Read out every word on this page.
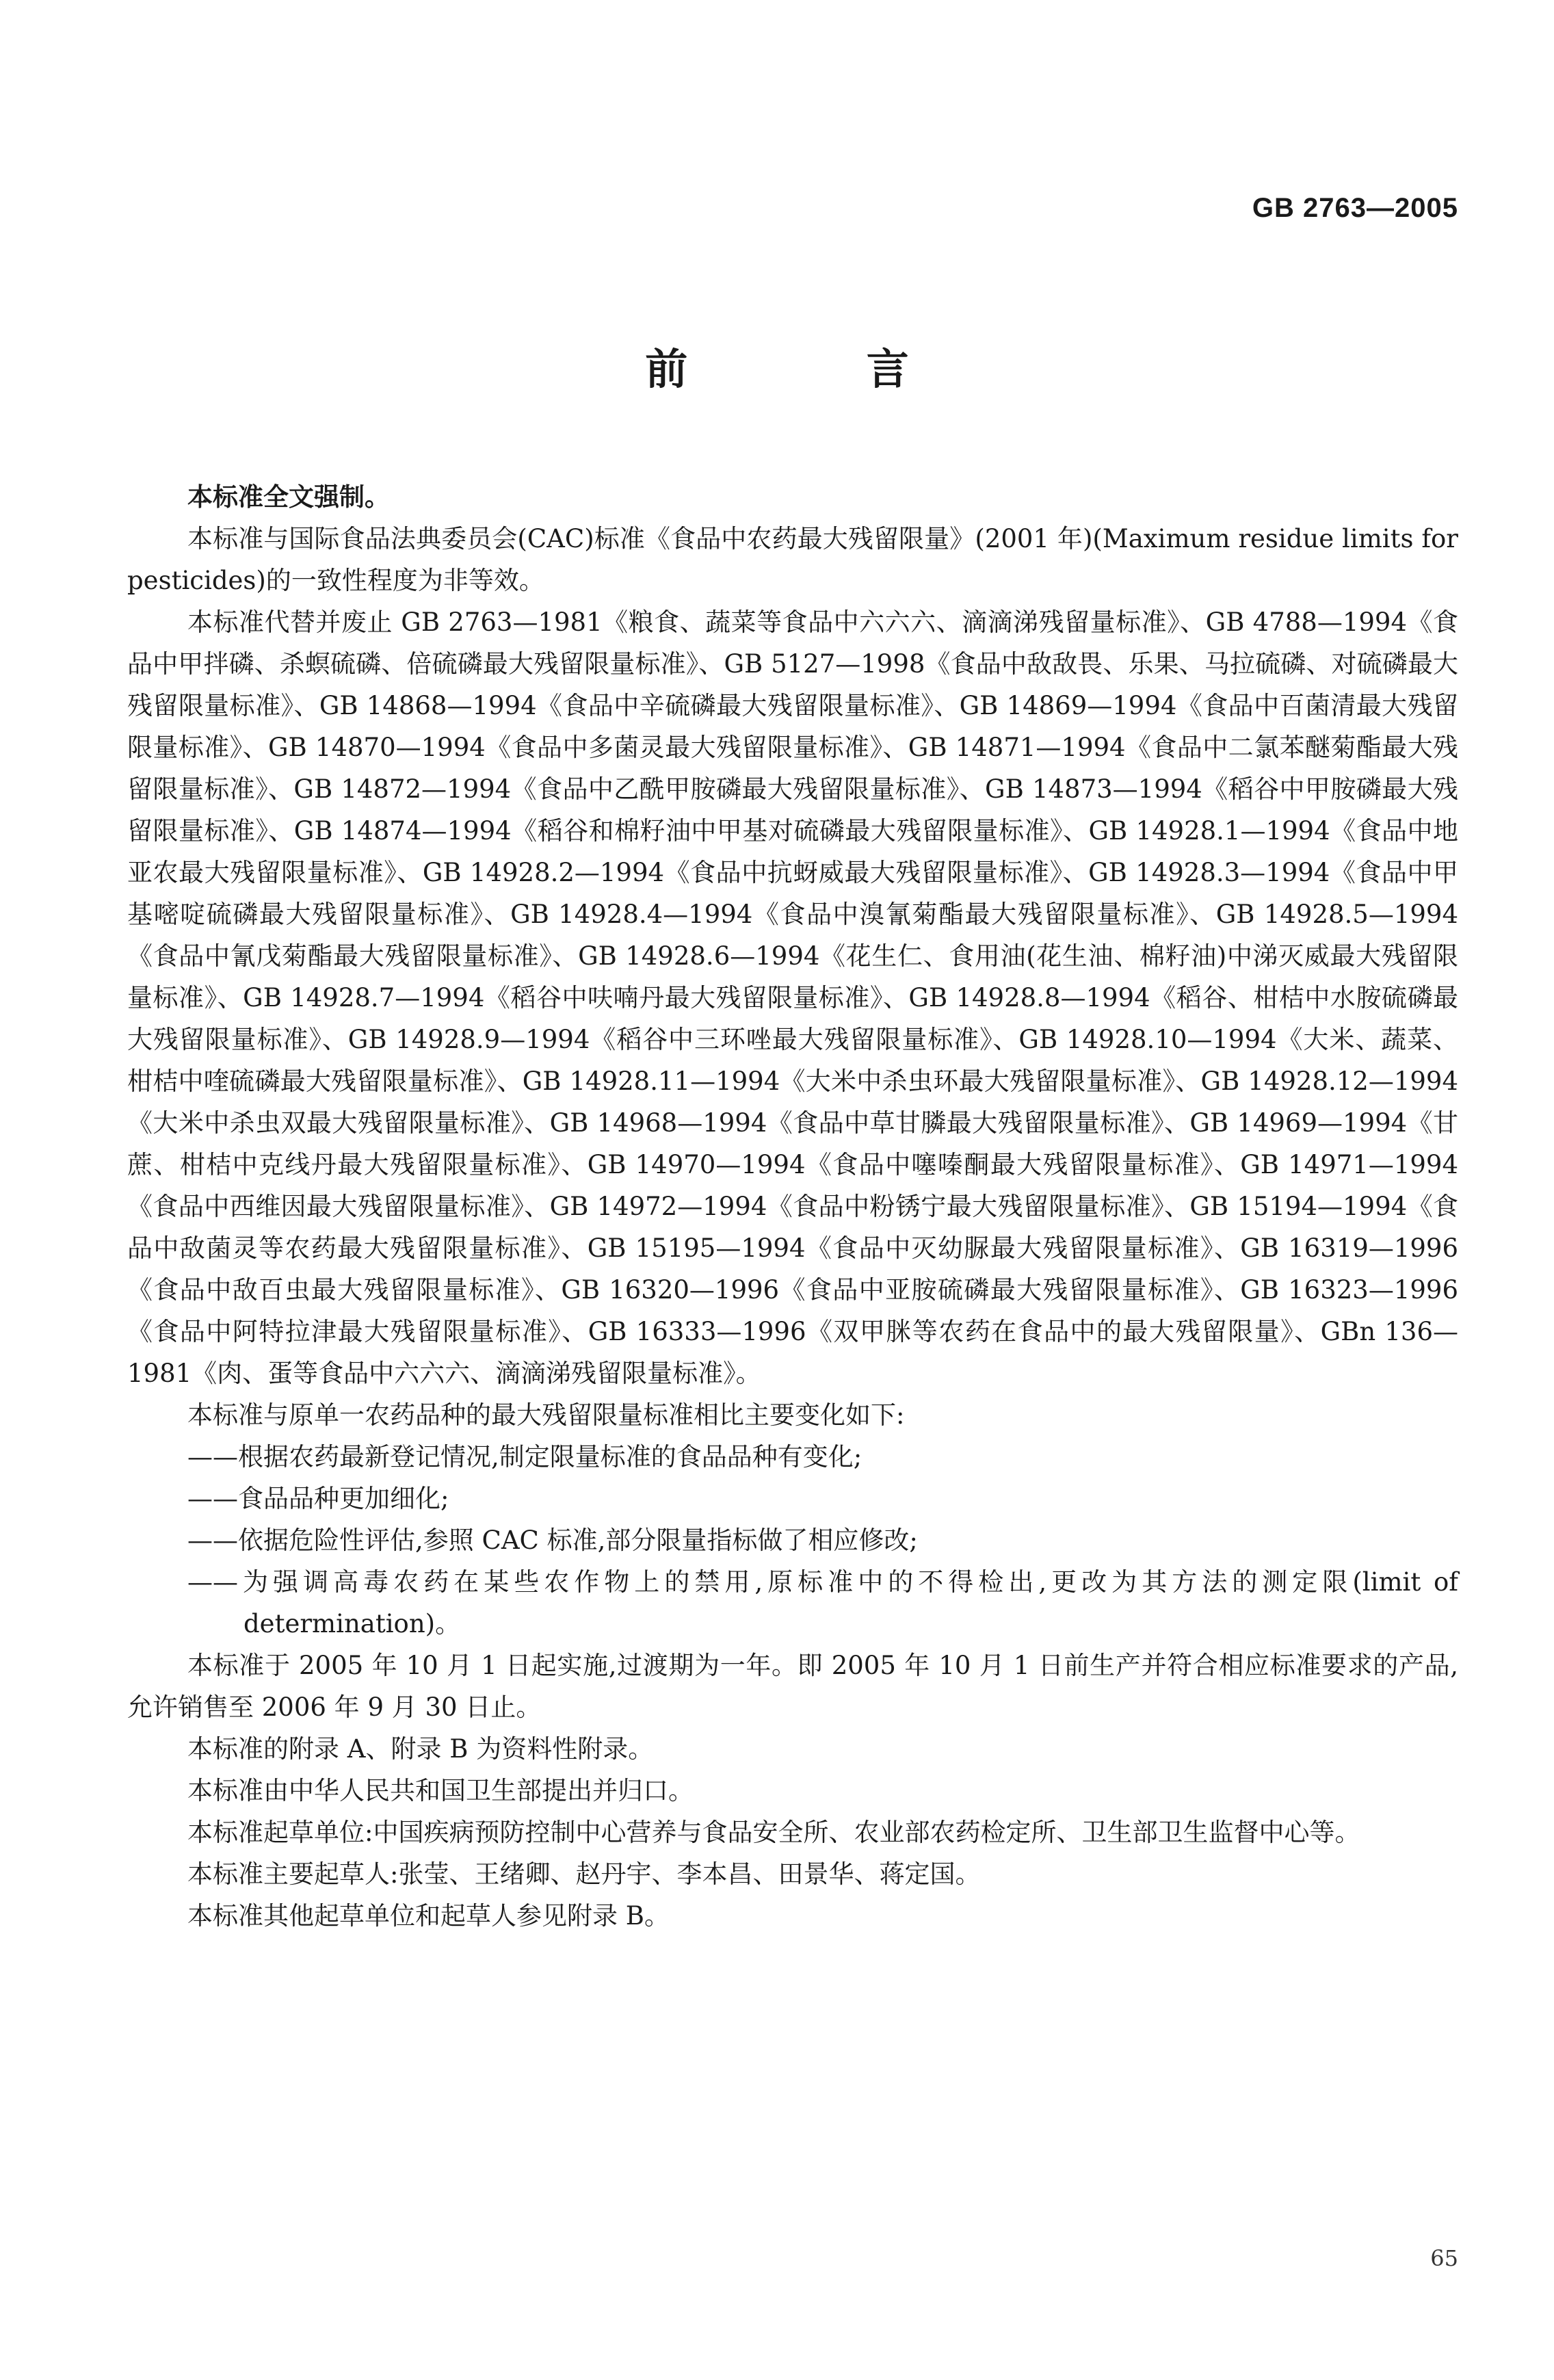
GB 2763—2005
前 言

本标准全文强制。

本标准与国际食品法典委员会(CAC)标准《食品中农药最大残留限量》(2001 年)(Maximum residue limits for pesticides)的一致性程度为非等效。

本标准代替并废止 GB 2763—1981《粮食、蔬菜等食品中六六六、滴滴涕残留量标准》、GB 4788—1994《食品中甲拌磷、杀螟硫磷、倍硫磷最大残留限量标准》、GB 5127—1998《食品中敌敌畏、乐果、马拉硫磷、对硫磷最大残留限量标准》、GB 14868—1994《食品中辛硫磷最大残留限量标准》、GB 14869—1994《食品中百菌清最大残留限量标准》、GB 14870—1994《食品中多菌灵最大残留限量标准》、GB 14871—1994《食品中二氯苯醚菊酯最大残留限量标准》、GB 14872—1994《食品中乙酰甲胺磷最大残留限量标准》、GB 14873—1994《稻谷中甲胺磷最大残留限量标准》、GB 14874—1994《稻谷和棉籽油中甲基对硫磷最大残留限量标准》、GB 14928.1—1994《食品中地亚农最大残留限量标准》、GB 14928.2—1994《食品中抗蚜威最大残留限量标准》、GB 14928.3—1994《食品中甲基嘧啶硫磷最大残留限量标准》、GB 14928.4—1994《食品中溴氰菊酯最大残留限量标准》、GB 14928.5—1994《食品中氰戊菊酯最大残留限量标准》、GB 14928.6—1994《花生仁、食用油(花生油、棉籽油)中涕灭威最大残留限量标准》、GB 14928.7—1994《稻谷中呋喃丹最大残留限量标准》、GB 14928.8—1994《稻谷、柑桔中水胺硫磷最大残留限量标准》、GB 14928.9—1994《稻谷中三环唑最大残留限量标准》、GB 14928.10—1994《大米、蔬菜、柑桔中喹硫磷最大残留限量标准》、GB 14928.11—1994《大米中杀虫环最大残留限量标准》、GB 14928.12—1994《大米中杀虫双最大残留限量标准》、GB 14968—1994《食品中草甘膦最大残留限量标准》、GB 14969—1994《甘蔗、柑桔中克线丹最大残留限量标准》、GB 14970—1994《食品中噻嗪酮最大残留限量标准》、GB 14971—1994《食品中西维因最大残留限量标准》、GB 14972—1994《食品中粉锈宁最大残留限量标准》、GB 15194—1994《食品中敌菌灵等农药最大残留限量标准》、GB 15195—1994《食品中灭幼脲最大残留限量标准》、GB 16319—1996《食品中敌百虫最大残留限量标准》、GB 16320—1996《食品中亚胺硫磷最大残留限量标准》、GB 16323—1996《食品中阿特拉津最大残留限量标准》、GB 16333—1996《双甲脒等农药在食品中的最大残留限量》、GBn 136—1981《肉、蛋等食品中六六六、滴滴涕残留限量标准》。

本标准与原单一农药品种的最大残留限量标准相比主要变化如下:

——根据农药最新登记情况,制定限量标准的食品品种有变化;

——食品品种更加细化;

——依据危险性评估,参照 CAC 标准,部分限量指标做了相应修改;

——为强调高毒农药在某些农作物上的禁用,原标准中的不得检出,更改为其方法的测定限(limit of determination)。

本标准于 2005 年 10 月 1 日起实施,过渡期为一年。即 2005 年 10 月 1 日前生产并符合相应标准要求的产品,允许销售至 2006 年 9 月 30 日止。

本标准的附录 A、附录 B 为资料性附录。

本标准由中华人民共和国卫生部提出并归口。

本标准起草单位:中国疾病预防控制中心营养与食品安全所、农业部农药检定所、卫生部卫生监督中心等。

本标准主要起草人:张莹、王绪卿、赵丹宇、李本昌、田景华、蒋定国。

本标准其他起草单位和起草人参见附录 B。

65
